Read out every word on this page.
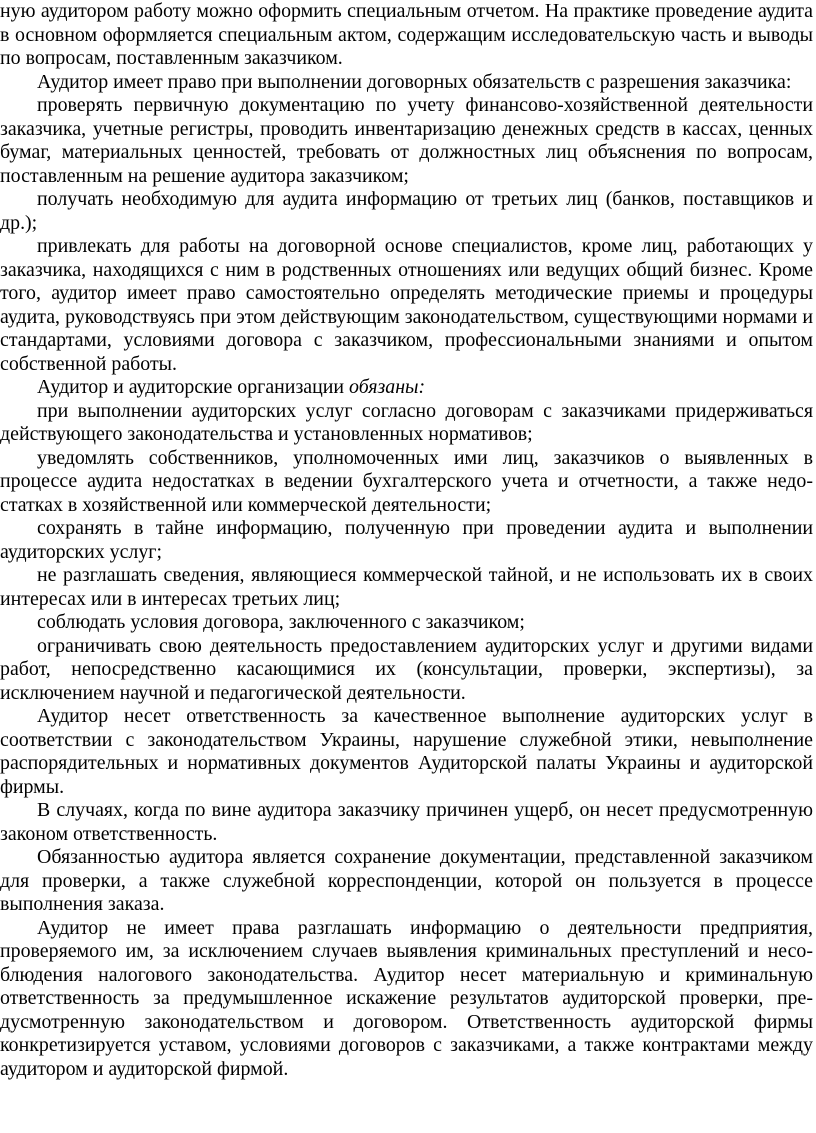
ную аудитором работу можно оформить специальным отчетом. На практике проведение аудита в основном оформляется специальным актом, содержащим исследовательскую часть и выводы по вопросам, поставленным заказчиком.

Аудитор имеет право при выполнении договорных обязательств с разрешения заказчика:

проверять первичную документацию по учету финансово-хозяйственной деятельности заказчика, учетные регистры, проводить инвентаризацию денежных средств в кассах, ценных бумаг, материальных ценностей, требовать от должностных лиц объяснения по вопросам, поставленным на решение аудитора заказчиком;

получать необходимую для аудита информацию от третьих лиц (банков, поставщиков и др.);

привлекать для работы на договорной основе специалистов, кроме лиц, работающих у заказчика, находящихся с ним в родственных отношениях или ведущих общий бизнес. Кроме того, аудитор имеет право самостоятельно определять методические приемы и процедуры аудита, руководствуясь при этом действующим законодательством, существующими нормами и стандартами, условиями договора с заказчиком, профессиональными знаниями и опытом собственной работы.

Аудитор и аудиторские организации обязаны:

при выполнении аудиторских услуг согласно договорам с заказчиками придерживаться действующего законодательства и установленных нормативов;

уведомлять собственников, уполномоченных ими лиц, заказчиков о выявленных в процессе аудита недостатках в ведении бухгалтерского учета и отчетности, а также недостатках в хозяйственной или коммерческой деятельности;

сохранять в тайне информацию, полученную при проведении аудита и выполнении аудиторских услуг;

не разглашать сведения, являющиеся коммерческой тайной, и не использовать их в своих интересах или в интересах третьих лиц;

соблюдать условия договора, заключенного с заказчиком;

ограничивать свою деятельность предоставлением аудиторских услуг и другими видами работ, непосредственно касающимися их (консультации, проверки, экспертизы), за исключением научной и педагогической деятельности.

Аудитор несет ответственность за качественное выполнение аудиторских услуг в соответствии с законодательством Украины, нарушение служебной этики, невыполнение распорядительных и нормативных документов Аудиторской палаты Украины и аудиторской фирмы.

В случаях, когда по вине аудитора заказчику причинен ущерб, он несет предусмотренную законом ответственность.

Обязанностью аудитора является сохранение документации, представленной заказчиком для проверки, а также служебной корреспонденции, которой он пользуется в процессе выполнения заказа.

Аудитор не имеет права разглашать информацию о деятельности предприятия, проверяемого им, за исключением случаев выявления криминальных преступлений и несоблюдения налогового законодательства. Аудитор несет материальную и криминальную ответственность за предумышленное искажение результатов аудиторской проверки, предусмотренную законодательством и договором. Ответственность аудиторской фирмы конкретизируется уставом, условиями договоров с заказчиками, а также контрактами между аудитором и аудиторской фирмой.
